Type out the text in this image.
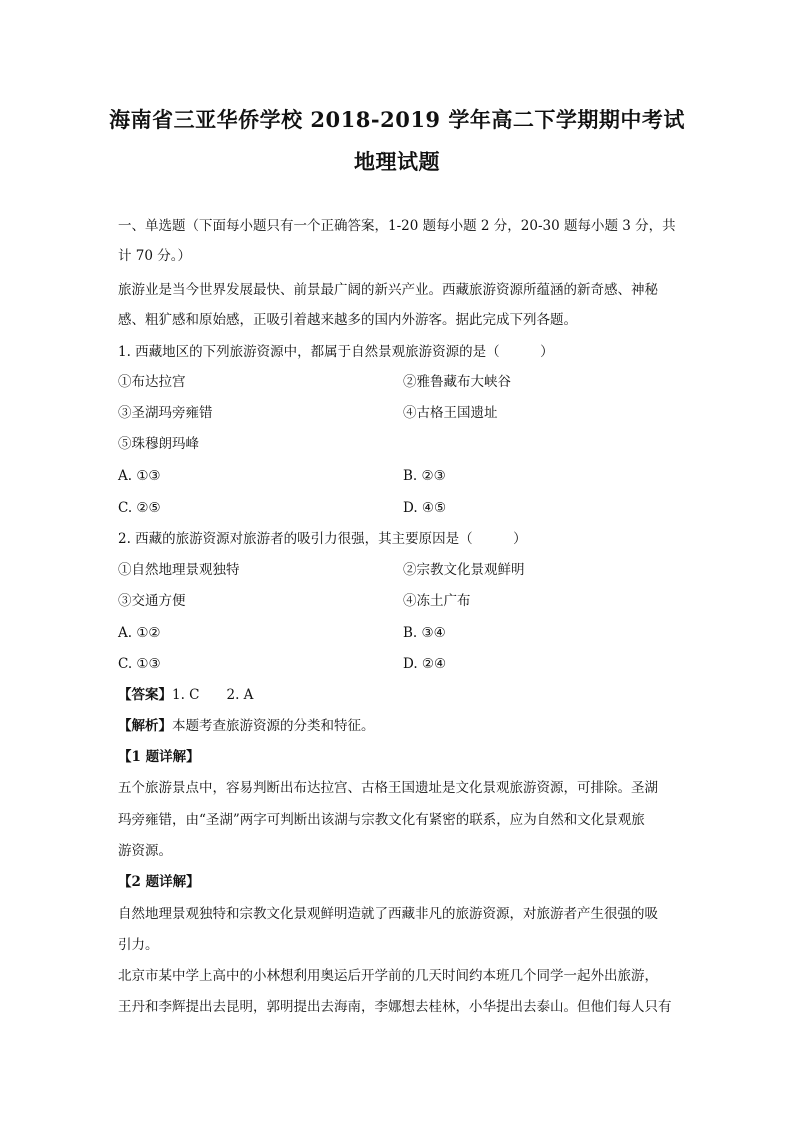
海南省三亚华侨学校 2018-2019 学年高二下学期期中考试
地理试题
一、单选题（下面每小题只有一个正确答案，1-20 题每小题 2 分，20-30 题每小题 3 分，共
计 70 分。）
旅游业是当今世界发展最快、前景最广阔的新兴产业。西藏旅游资源所蕴涵的新奇感、神秘
感、粗犷感和原始感，正吸引着越来越多的国内外游客。据此完成下列各题。
1. 西藏地区的下列旅游资源中，都属于自然景观旅游资源的是（　　　）
①布达拉宫	②雅鲁藏布大峡谷
③圣湖玛旁雍错	④古格王国遗址
⑤珠穆朗玛峰
A. ①③	B. ②③
C. ②⑤	D. ④⑤
2. 西藏的旅游资源对旅游者的吸引力很强，其主要原因是（　　　）
①自然地理景观独特	②宗教文化景观鲜明
③交通方便	④冻土广布
A. ①②	B. ③④
C. ①③	D. ②④
【答案】1. C　　2. A
【解析】本题考查旅游资源的分类和特征。
【1 题详解】
五个旅游景点中，容易判断出布达拉宫、古格王国遗址是文化景观旅游资源，可排除。圣湖
玛旁雍错，由“圣湖”两字可判断出该湖与宗教文化有紧密的联系，应为自然和文化景观旅
游资源。
【2 题详解】
自然地理景观独特和宗教文化景观鲜明造就了西藏非凡的旅游资源，对旅游者产生很强的吸
引力。
北京市某中学上高中的小林想利用奥运后开学前的几天时间约本班几个同学一起外出旅游，
王丹和李辉提出去昆明，郭明提出去海南，李娜想去桂林，小华提出去泰山。但他们每人只有
